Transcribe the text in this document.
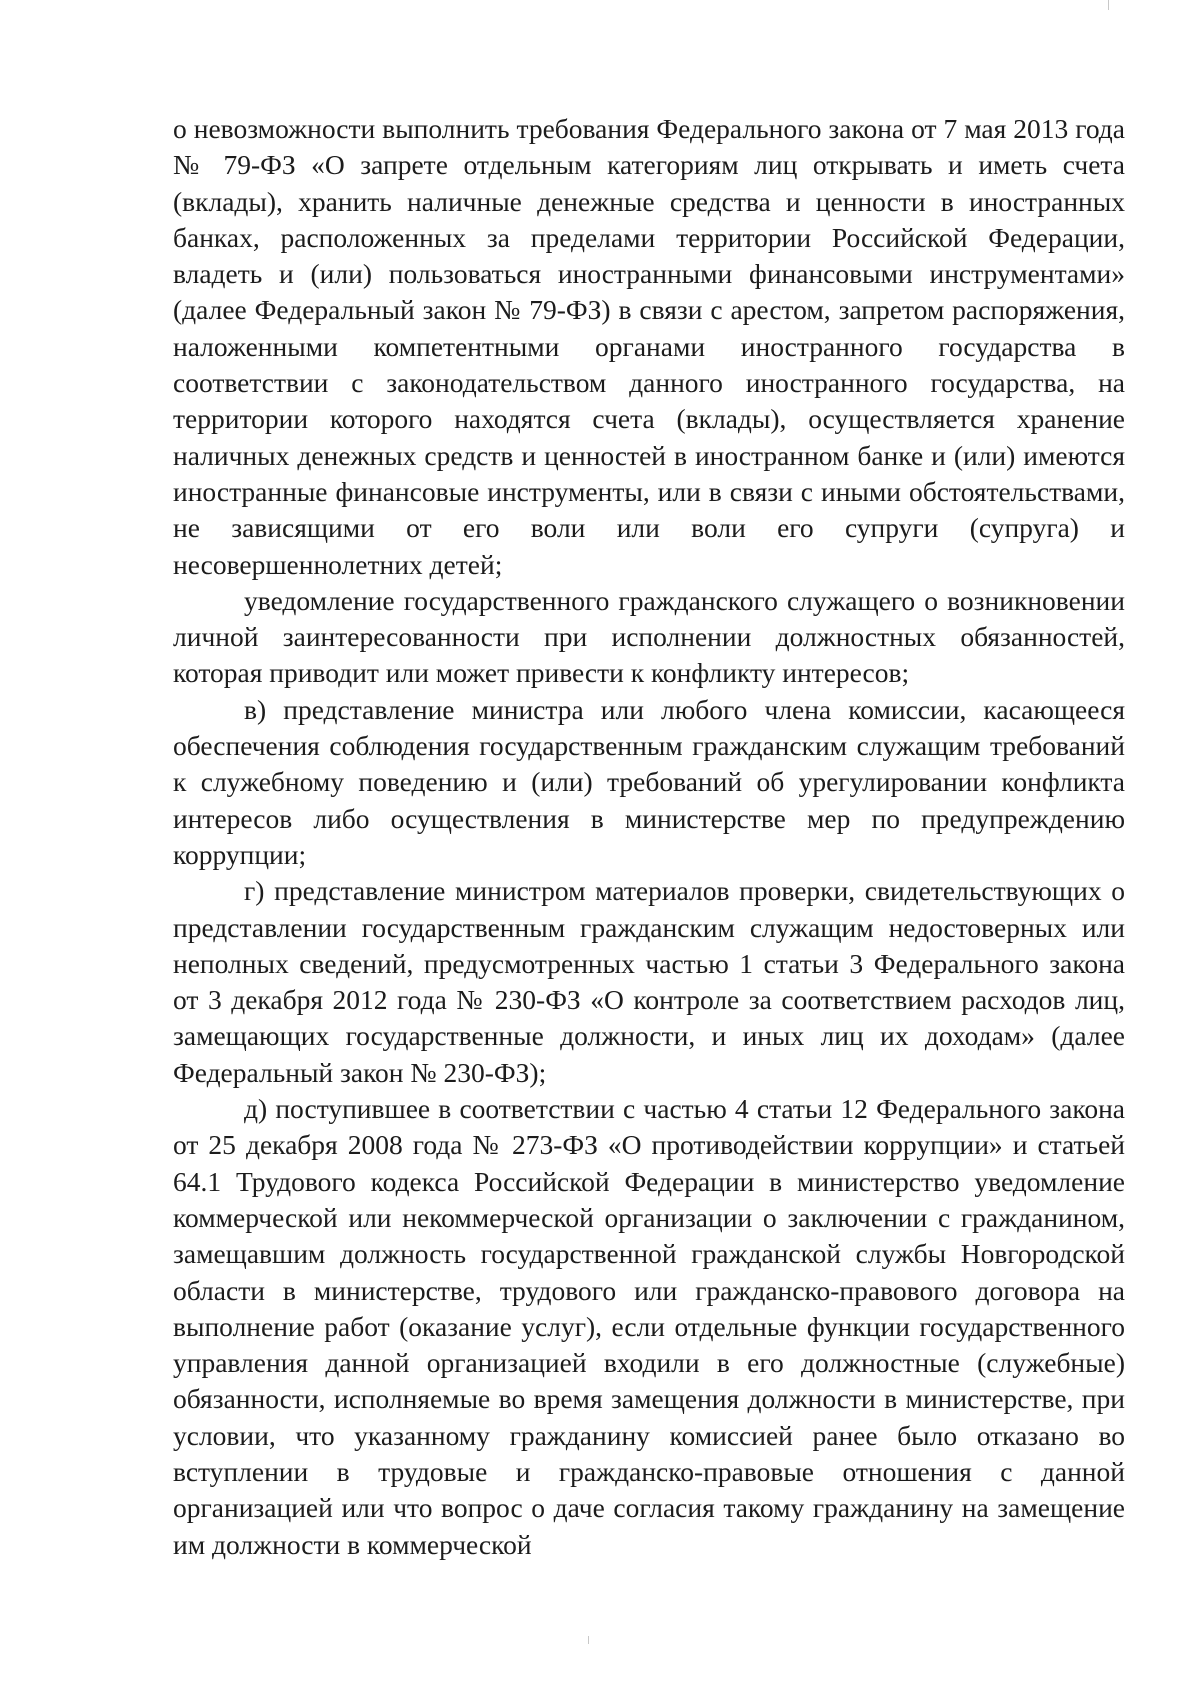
о невозможности выполнить требования Федерального закона от 7 мая 2013 года № 79-ФЗ «О запрете отдельным категориям лиц открывать и иметь счета (вклады), хранить наличные денежные средства и ценности в иностранных банках, расположенных за пределами территории Российской Федерации, владеть и (или) пользоваться иностранными финансовыми инструментами» (далее Федеральный закон № 79-ФЗ) в связи с арестом, запретом распоряжения, наложенными компетентными органами иностранного государства в соответствии с законодательством данного иностранного государства, на территории которого находятся счета (вклады), осуществляется хранение наличных денежных средств и ценностей в иностранном банке и (или) имеются иностранные финансовые инструменты, или в связи с иными обстоятельствами, не зависящими от его воли или воли его супруги (супруга) и несовершеннолетних детей;

уведомление государственного гражданского служащего о возникновении личной заинтересованности при исполнении должностных обязанностей, которая приводит или может привести к конфликту интересов;

в) представление министра или любого члена комиссии, касающееся обеспечения соблюдения государственным гражданским служащим требований к служебному поведению и (или) требований об урегулировании конфликта интересов либо осуществления в министерстве мер по предупреждению коррупции;

г) представление министром материалов проверки, свидетельствующих о представлении государственным гражданским служащим недостоверных или неполных сведений, предусмотренных частью 1 статьи 3 Федерального закона от 3 декабря 2012 года № 230-ФЗ «О контроле за соответствием расходов лиц, замещающих государственные должности, и иных лиц их доходам» (далее Федеральный закон № 230-ФЗ);

д) поступившее в соответствии с частью 4 статьи 12 Федерального закона от 25 декабря 2008 года № 273-ФЗ «О противодействии коррупции» и статьей 64.1 Трудового кодекса Российской Федерации в министерство уведомление коммерческой или некоммерческой организации о заключении с гражданином, замещавшим должность государственной гражданской службы Новгородской области в министерстве, трудового или гражданско-правового договора на выполнение работ (оказание услуг), если отдельные функции государственного управления данной организацией входили в его должностные (служебные) обязанности, исполняемые во время замещения должности в министерстве, при условии, что указанному гражданину комиссией ранее было отказано во вступлении в трудовые и гражданско-правовые отношения с данной организацией или что вопрос о даче согласия такому гражданину на замещение им должности в коммерческой
